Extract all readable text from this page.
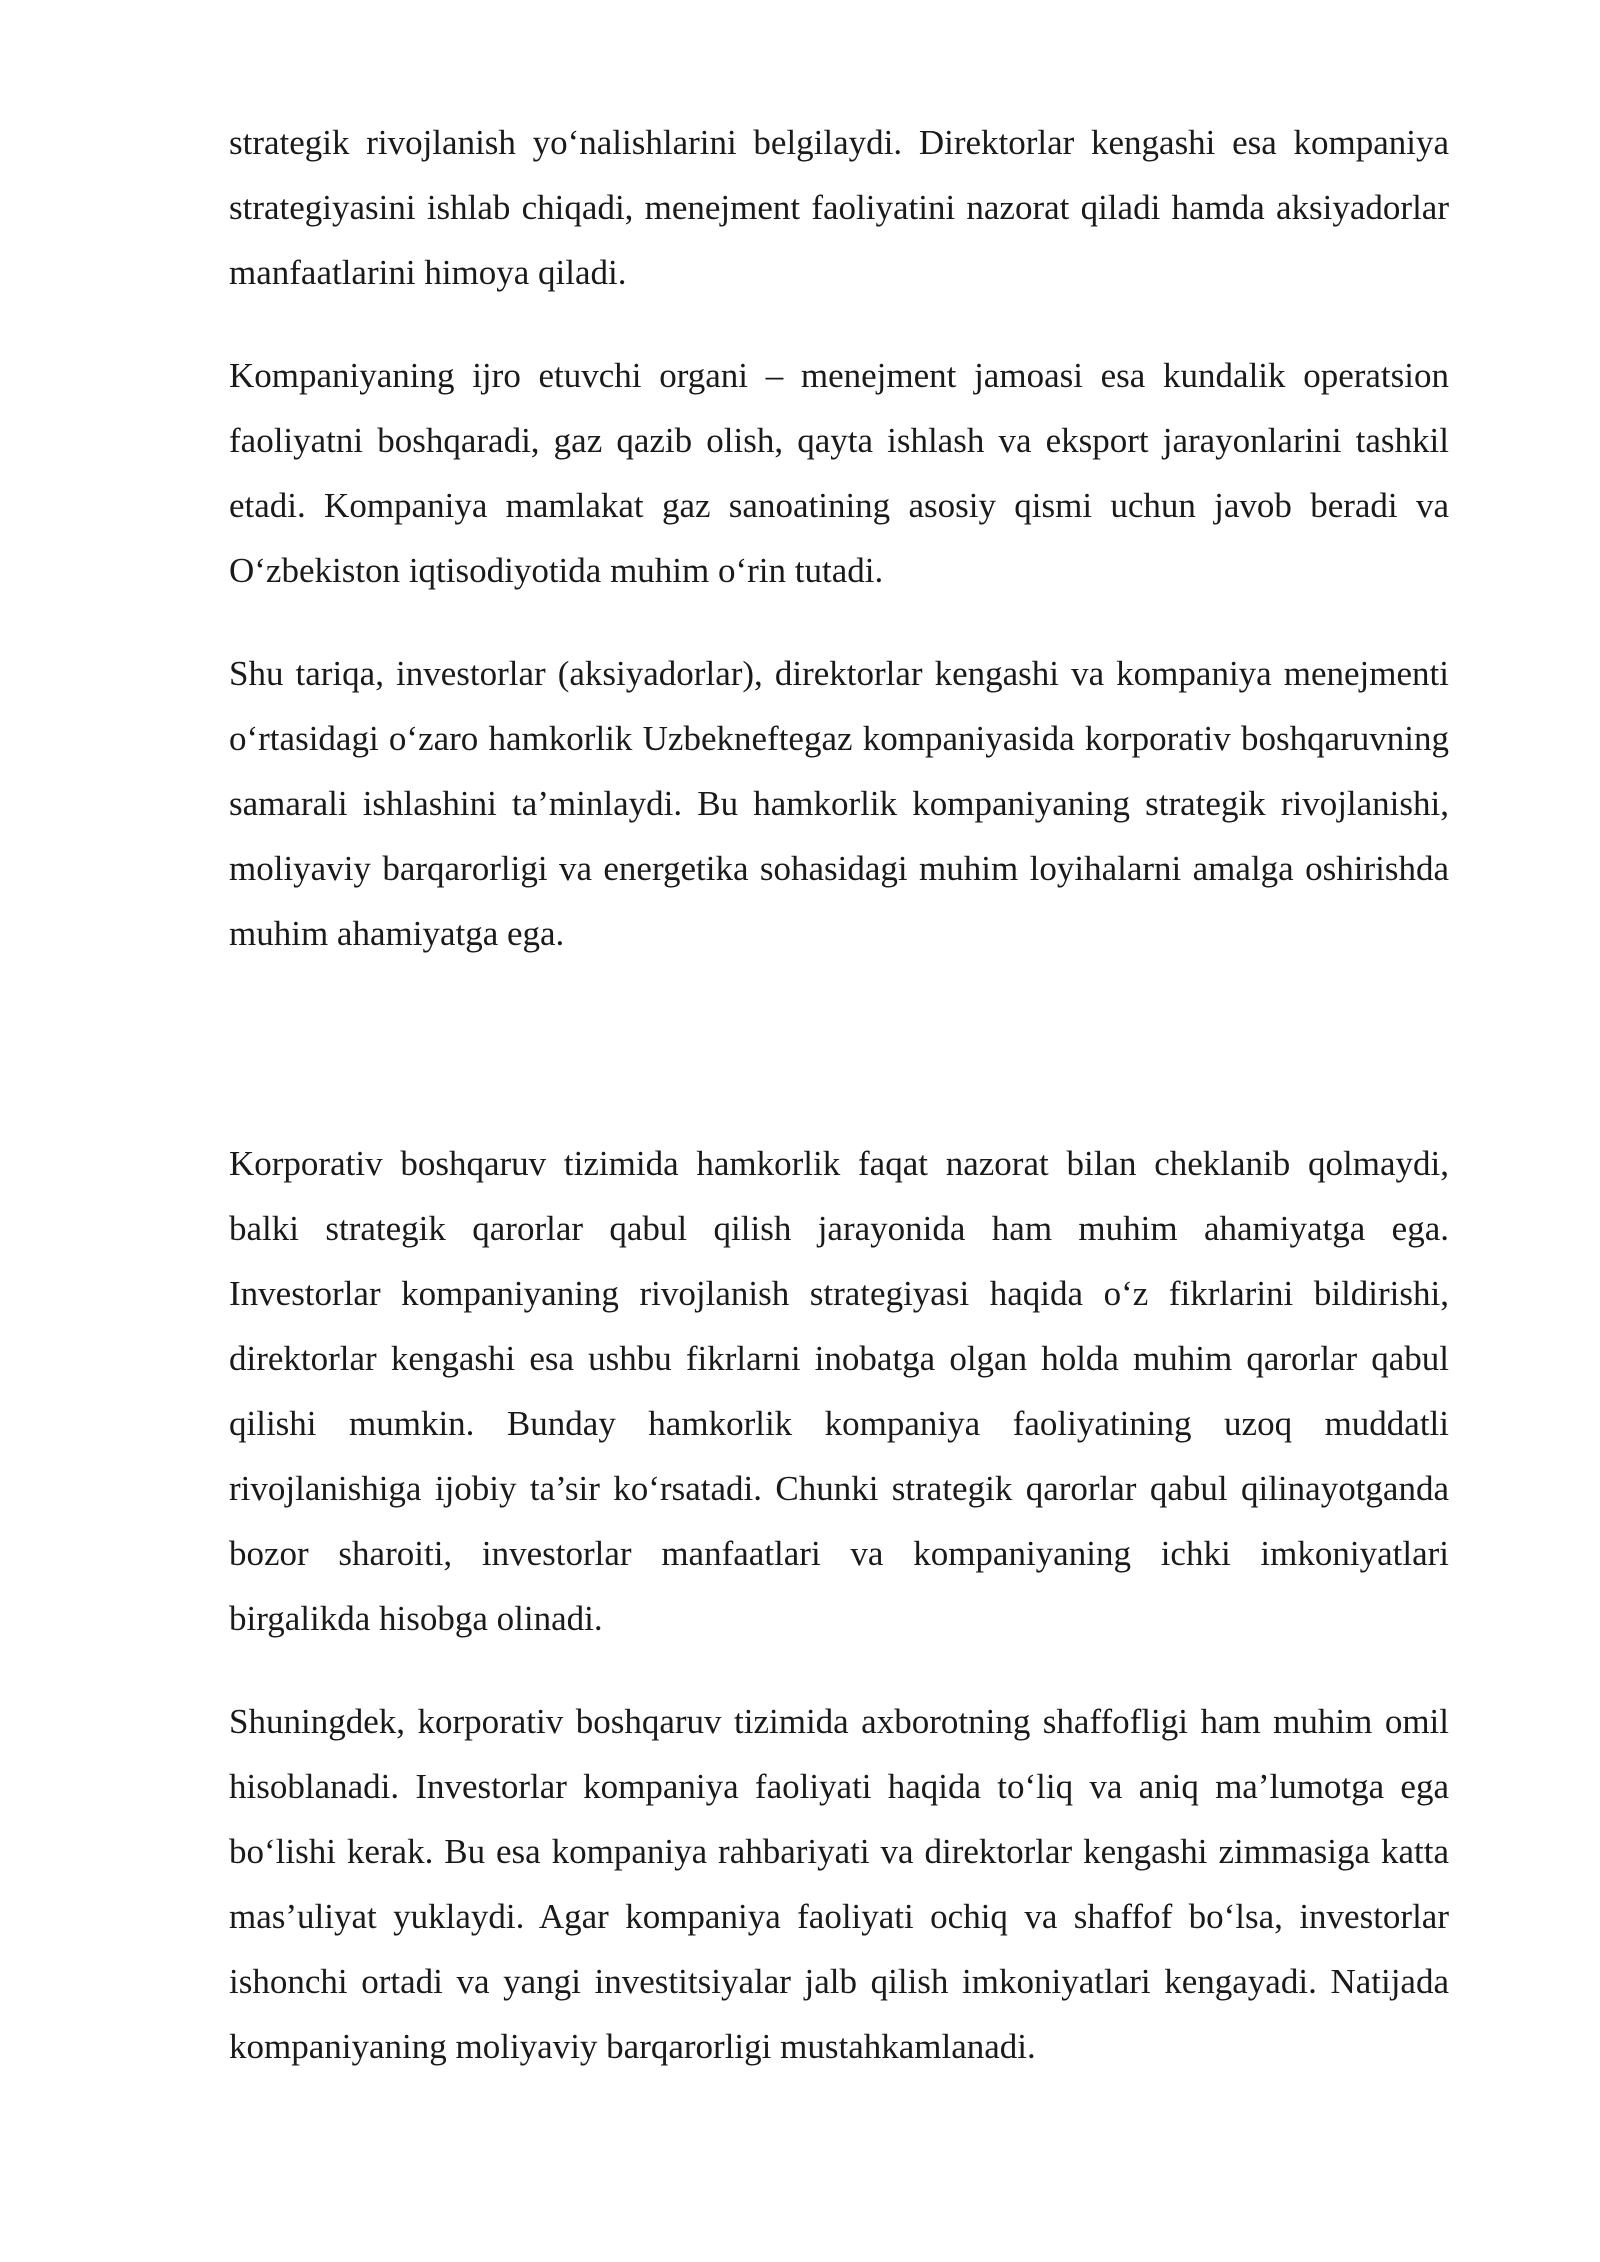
strategik rivojlanish yo‘nalishlarini belgilaydi. Direktorlar kengashi esa kompaniya strategiyasini ishlab chiqadi, menejment faoliyatini nazorat qiladi hamda aksiyadorlar manfaatlarini himoya qiladi.

Kompaniyaning ijro etuvchi organi – menejment jamoasi esa kundalik operatsion faoliyatni boshqaradi, gaz qazib olish, qayta ishlash va eksport jarayonlarini tashkil etadi. Kompaniya mamlakat gaz sanoatining asosiy qismi uchun javob beradi va O‘zbekiston iqtisodiyotida muhim o‘rin tutadi.

Shu tariqa, investorlar (aksiyadorlar), direktorlar kengashi va kompaniya menejmenti o‘rtasidagi o‘zaro hamkorlik Uzbekneftegaz kompaniyasida korporativ boshqaruvning samarali ishlashini ta’minlaydi. Bu hamkorlik kompaniyaning strategik rivojlanishi, moliyaviy barqarorligi va energetika sohasidagi muhim loyihalarni amalga oshirishda muhim ahamiyatga ega.

Korporativ boshqaruv tizimida hamkorlik faqat nazorat bilan cheklanib qolmaydi, balki strategik qarorlar qabul qilish jarayonida ham muhim ahamiyatga ega. Investorlar kompaniyaning rivojlanish strategiyasi haqida o‘z fikrlarini bildirishi, direktorlar kengashi esa ushbu fikrlarni inobatga olgan holda muhim qarorlar qabul qilishi mumkin. Bunday hamkorlik kompaniya faoliyatining uzoq muddatli rivojlanishiga ijobiy ta’sir ko‘rsatadi. Chunki strategik qarorlar qabul qilinayotganda bozor sharoiti, investorlar manfaatlari va kompaniyaning ichki imkoniyatlari birgalikda hisobga olinadi.

Shuningdek, korporativ boshqaruv tizimida axborotning shaffofligi ham muhim omil hisoblanadi. Investorlar kompaniya faoliyati haqida to‘liq va aniq ma’lumotga ega bo‘lishi kerak. Bu esa kompaniya rahbariyati va direktorlar kengashi zimmasiga katta mas’uliyat yuklaydi. Agar kompaniya faoliyati ochiq va shaffof bo‘lsa, investorlar ishonchi ortadi va yangi investitsiyalar jalb qilish imkoniyatlari kengayadi. Natijada kompaniyaning moliyaviy barqarorligi mustahkamlanadi.
